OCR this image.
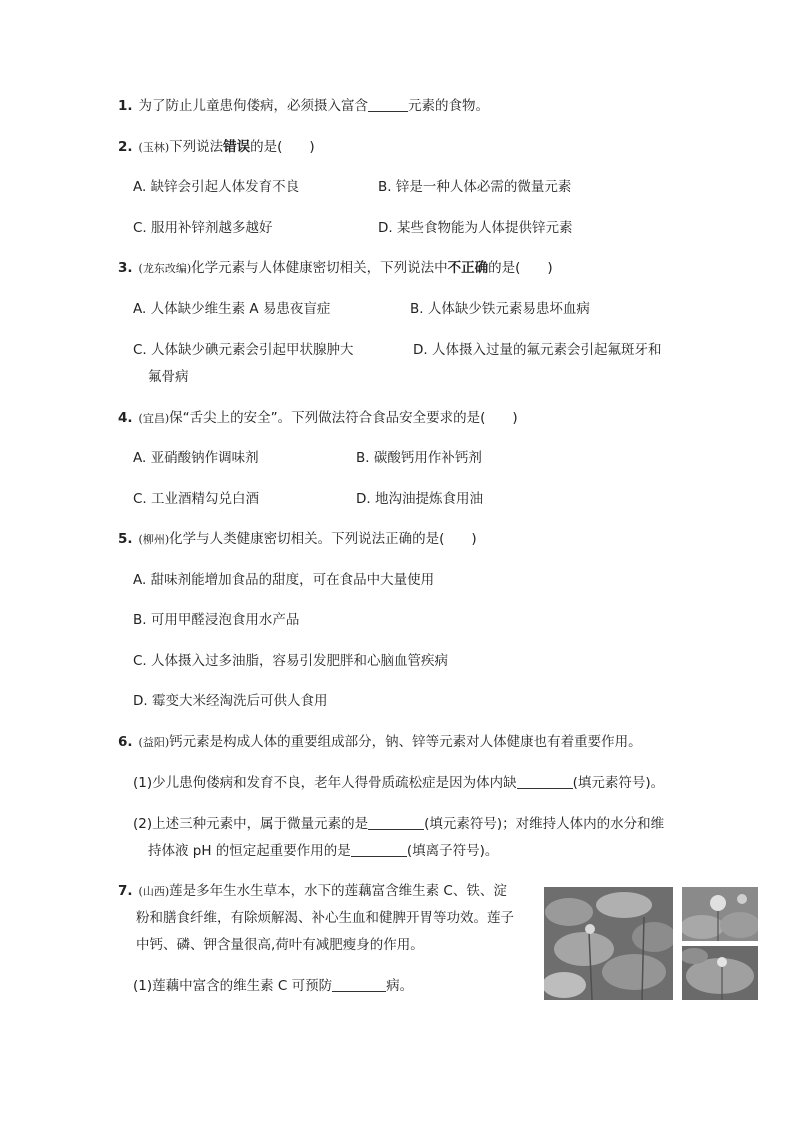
1. 为了防止儿童患佝偻病，必须摄入富含	元素的食物。
2. (玉林)下列说法错误的是(　　)
A. 缺锌会引起人体发育不良	B. 锌是一种人体必需的微量元素
C. 服用补锌剂越多越好	D. 某些食物能为人体提供锌元素
3. (龙东改编)化学元素与人体健康密切相关，下列说法中不正确的是(　　)
A. 人体缺少维生素 A 易患夜盲症	B. 人体缺少铁元素易患坏血病
C. 人体缺少碘元素会引起甲状腺肿大	D. 人体摄入过量的氟元素会引起氟斑牙和
氟骨病
4. (宜昌)保“舌尖上的安全”。下列做法符合食品安全要求的是(　　)
A. 亚硝酸钠作调味剂	B. 碳酸钙用作补钙剂
C. 工业酒精勾兑白酒	D. 地沟油提炼食用油
5. (柳州)化学与人类健康密切相关。下列说法正确的是(　　)
A. 甜味剂能增加食品的甜度，可在食品中大量使用
B. 可用甲醛浸泡食用水产品
C. 人体摄入过多油脂，容易引发肥胖和心脑血管疾病
D. 霉变大米经淘洗后可供人食用
6. (益阳)钙元素是构成人体的重要组成部分，钠、锌等元素对人体健康也有着重要作用。
(1)少儿患佝偻病和发育不良，老年人得骨质疏松症是因为体内缺	(填元素符号)。
(2)上述三种元素中，属于微量元素的是	(填元素符号)；对维持人体内的水分和维
持体液 pH 的恒定起重要作用的是	(填离子符号)。
7. (山西)莲是多年生水生草本，水下的莲藕富含维生素 C、铁、淀
粉和膳食纤维，有除烦解渴、补心生血和健脾开胃等功效。莲子
中钙、磷、钾含量很高,荷叶有减肥瘦身的作用。
(1)莲藕中富含的维生素 C 可预防	病。
